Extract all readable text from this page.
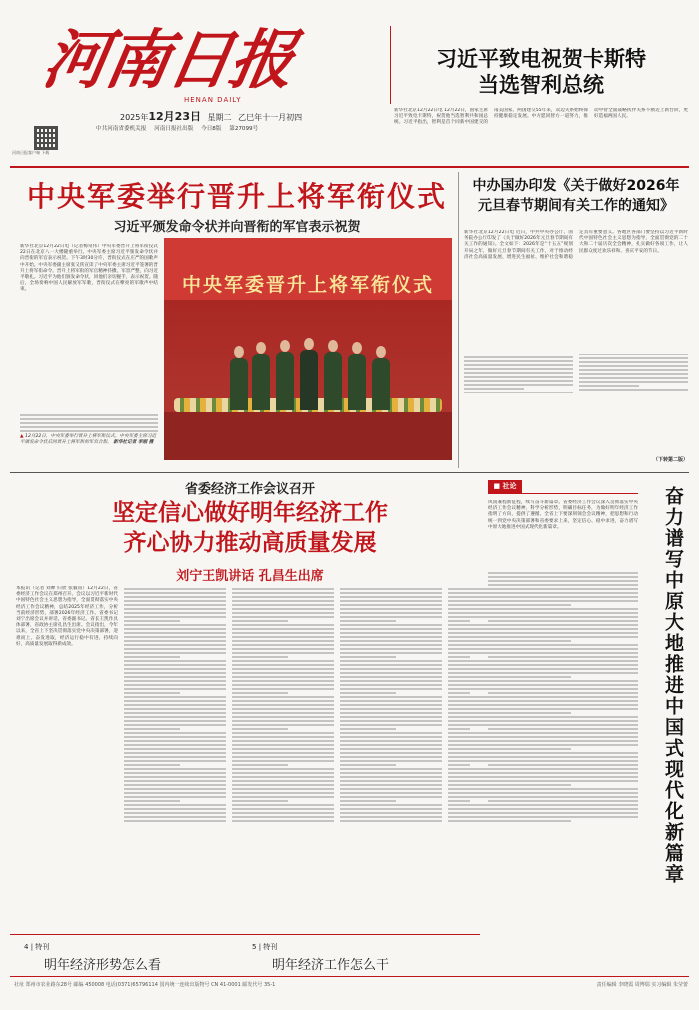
河南日报
HENAN DAILY
2025年12月23日 星期二 乙巳年十一月初四
中共河南省委机关报 河南日报社出版 今日8版 第27099号
河南日报客户端 下载
习近平致电祝贺卡斯特
当选智利总统
新华社北京12月22日电 12月22日，国家主席习近平致电卡斯特，祝贺他当选智利共和国总统。习近平指出，智利是首个同新中国建交的南美国家，两国建交55年来，双边关系始终保持健康稳定发展。中方愿同智方一道努力，推动中智全面战略伙伴关系不断迈上新台阶，更好造福两国人民。
中央军委举行晋升上将军衔仪式
习近平颁发命令状并向晋衔的军官表示祝贺
新华社北京12月22日电（记者梅常伟）中央军委晋升上将军衔仪式22日在北京八一大楼隆重举行。中央军委主席习近平颁发命令状并向晋衔的军官表示祝贺。下午3时30分许，晋衔仪式在庄严的国歌声中开始。中央军委副主席张又侠宣读了中央军委主席习近平签署的晋升上将军衔命令。晋升上将军衔的军官精神抖擞、军容严整，向习近平敬礼。习近平为他们颁发命令状，同他们亲切握手，表示祝贺。随后，全场奏响中国人民解放军军歌，晋衔仪式在嘹亮的军歌声中结束。	中央军委晋升上将军衔仪式
▲ 12月22日，中央军委举行晋升上将军衔仪式。中央军委主席习近平颁发命令状后同晋升上将军衔的军官合影。 新华社记者 李刚 摄
中办国办印发《关于做好2026年
元旦春节期间有关工作的通知》
新华社北京12月22日电 近日，中共中央办公厅、国务院办公厅印发了《关于做好2026年元旦春节期间有关工作的通知》。全文如下：2026年是“十五五”规划开局之年，做好元旦春节期间有关工作，对于推动经济社会高质量发展、增进民生福祉、维护社会和谐稳定具有重要意义。各地区各部门要坚持以习近平新时代中国特色社会主义思想为指导，全面贯彻党的二十大和二十届历次全会精神，扎实做好各项工作，让人民群众度过欢乐祥和、喜庆平安的节日。
（下转第二版）
省委经济工作会议召开
坚定信心做好明年经济工作
齐心协力推动高质量发展
刘宁王凯讲话 孔昌生出席
本报讯（记者 刘婵 归欣 张毅甫）12月22日，省委经济工作会议在郑州召开。会议以习近平新时代中国特色社会主义思想为指导，全面贯彻落实中央经济工作会议精神，总结2025年经济工作，分析当前经济形势，部署2026年经济工作。省委书记刘宁出席会议并讲话，省委副书记、省长王凯作具体部署，省政协主席孔昌生出席。会议指出，今年以来，全省上下坚决贯彻落实党中央决策部署，迎难而上、奋发进取，经济运行稳中有进、持续向好，高质量发展取得新成效。
■ 社论
风雨兼程新征程，续写奋斗新篇章。省委经济工作会议深入贯彻落实中央经济工作会议精神，科学分析形势，明确目标任务，为做好明年经济工作指明了方向、提供了遵循。全省上下要深刻领会会议精神，把思想和行动统一到党中央决策部署和省委要求上来，坚定信心、稳中求进，奋力谱写中原大地推进中国式现代化新篇章。	奋力谱写中原大地推进中国式现代化新篇章
4 | 特刊
明年经济形势怎么看
5 | 特刊
明年经济工作怎么干
社址 郑州市农业路东28号 邮编 450008 电话(0371)65796114 国内统一连续出版物号 CN 41-0001 邮发代号 35-1	责任编辑 李晓霞 周博瑞 实习编辑 朱莹蕾
